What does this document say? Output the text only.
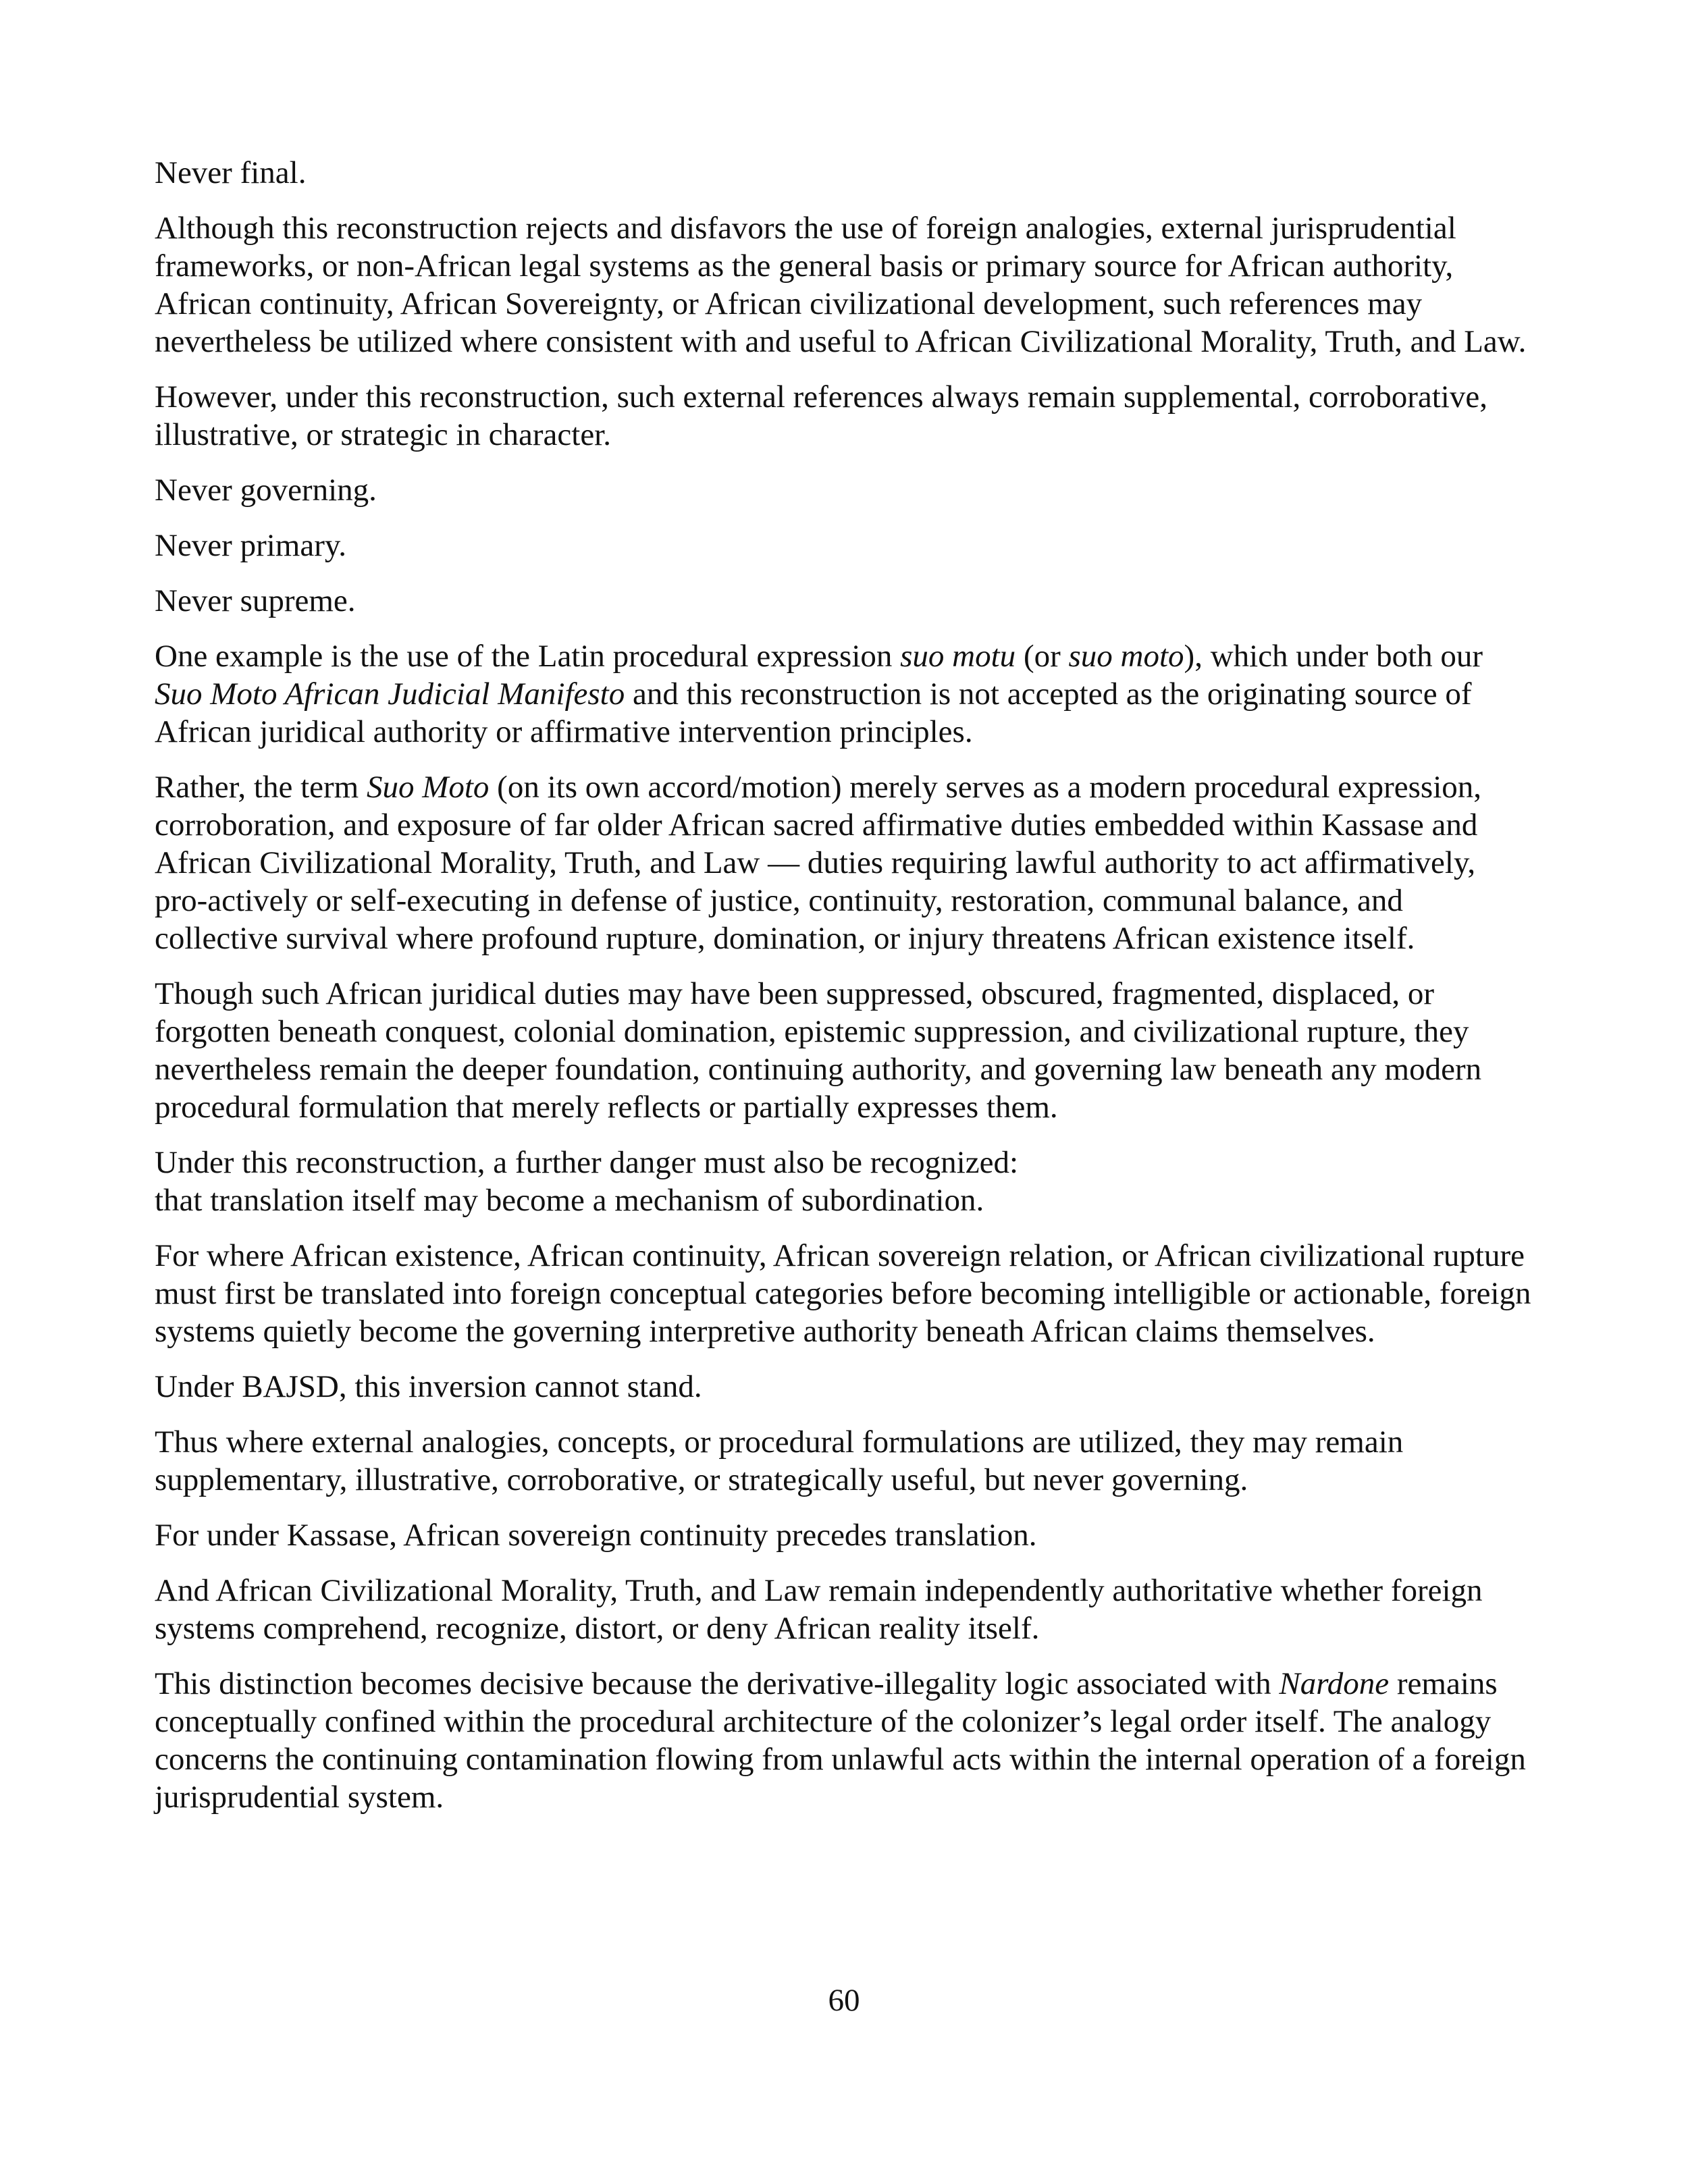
Never final.

Although this reconstruction rejects and disfavors the use of foreign analogies, external jurisprudential frameworks, or non-African legal systems as the general basis or primary source for African authority, African continuity, African Sovereignty, or African civilizational development, such references may nevertheless be utilized where consistent with and useful to African Civilizational Morality, Truth, and Law.

However, under this reconstruction, such external references always remain supplemental, corroborative, illustrative, or strategic in character.

Never governing.

Never primary.

Never supreme.

One example is the use of the Latin procedural expression suo motu (or suo moto), which under both our Suo Moto African Judicial Manifesto and this reconstruction is not accepted as the originating source of African juridical authority or affirmative intervention principles.

Rather, the term Suo Moto (on its own accord/motion) merely serves as a modern procedural expression, corroboration, and exposure of far older African sacred affirmative duties embedded within Kassase and African Civilizational Morality, Truth, and Law — duties requiring lawful authority to act affirmatively, pro-actively or self-executing in defense of justice, continuity, restoration, communal balance, and collective survival where profound rupture, domination, or injury threatens African existence itself.

Though such African juridical duties may have been suppressed, obscured, fragmented, displaced, or forgotten beneath conquest, colonial domination, epistemic suppression, and civilizational rupture, they nevertheless remain the deeper foundation, continuing authority, and governing law beneath any modern procedural formulation that merely reflects or partially expresses them.

Under this reconstruction, a further danger must also be recognized:
that translation itself may become a mechanism of subordination.

For where African existence, African continuity, African sovereign relation, or African civilizational rupture must first be translated into foreign conceptual categories before becoming intelligible or actionable, foreign systems quietly become the governing interpretive authority beneath African claims themselves.

Under BAJSD, this inversion cannot stand.

Thus where external analogies, concepts, or procedural formulations are utilized, they may remain supplementary, illustrative, corroborative, or strategically useful, but never governing.

For under Kassase, African sovereign continuity precedes translation.

And African Civilizational Morality, Truth, and Law remain independently authoritative whether foreign systems comprehend, recognize, distort, or deny African reality itself.

This distinction becomes decisive because the derivative-illegality logic associated with Nardone remains conceptually confined within the procedural architecture of the colonizer’s legal order itself. The analogy concerns the continuing contamination flowing from unlawful acts within the internal operation of a foreign jurisprudential system.

60
